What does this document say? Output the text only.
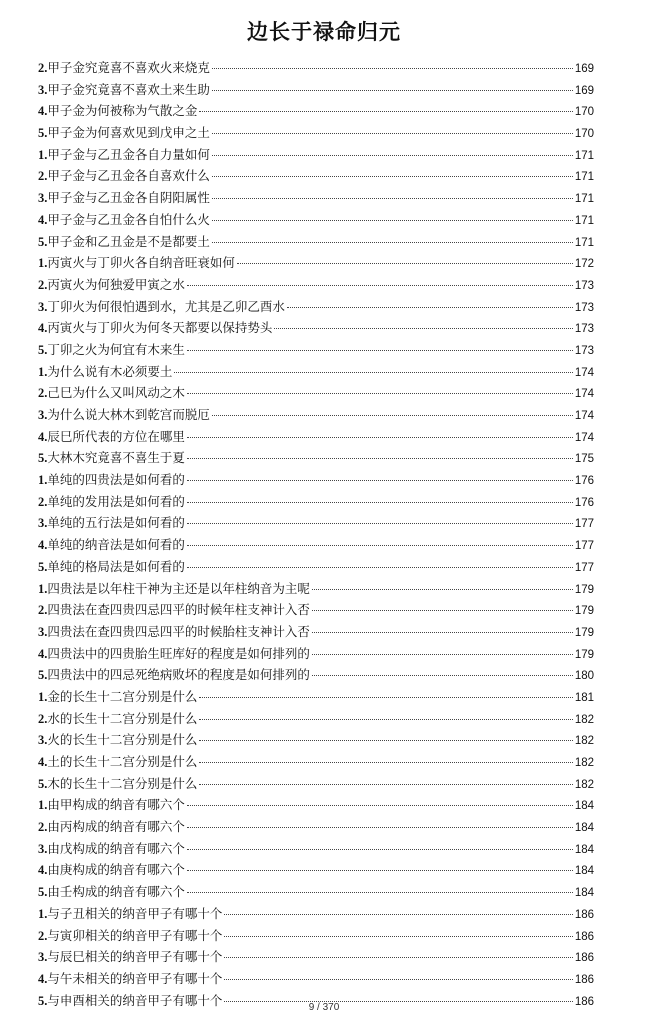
边长于禄命归元
2.甲子金究竟喜不喜欢火来烧克	169
3.甲子金究竟喜不喜欢土来生助	169
4.甲子金为何被称为气散之金	170
5.甲子金为何喜欢见到戊申之土	170
1.甲子金与乙丑金各自力量如何	171
2.甲子金与乙丑金各自喜欢什么	171
3.甲子金与乙丑金各自阴阳属性	171
4.甲子金与乙丑金各自怕什么火	171
5.甲子金和乙丑金是不是都要土	171
1.丙寅火与丁卯火各自纳音旺衰如何	172
2.丙寅火为何独爱甲寅之水	173
3.丁卯火为何很怕遇到水，尤其是乙卯乙酉水	173
4.丙寅火与丁卯火为何冬天都要以保持势头	173
5.丁卯之火为何宜有木来生	173
1.为什么说有木必须要土	174
2.己巳为什么又叫风动之木	174
3.为什么说大林木到乾宫而脱厄	174
4.辰巳所代表的方位在哪里	174
5.大林木究竟喜不喜生于夏	175
1.单纯的四贵法是如何看的	176
2.单纯的发用法是如何看的	176
3.单纯的五行法是如何看的	177
4.单纯的纳音法是如何看的	177
5.单纯的格局法是如何看的	177
1.四贵法是以年柱干神为主还是以年柱纳音为主呢	179
2.四贵法在查四贵四忌四平的时候年柱支神计入否	179
3.四贵法在查四贵四忌四平的时候胎柱支神计入否	179
4.四贵法中的四贵胎生旺库好的程度是如何排列的	179
5.四贵法中的四忌死绝病败坏的程度是如何排列的	180
1.金的长生十二宫分别是什么	181
2.水的长生十二宫分别是什么	182
3.火的长生十二宫分别是什么	182
4.土的长生十二宫分别是什么	182
5.木的长生十二宫分别是什么	182
1.由甲构成的纳音有哪六个	184
2.由丙构成的纳音有哪六个	184
3.由戊构成的纳音有哪六个	184
4.由庚构成的纳音有哪六个	184
5.由壬构成的纳音有哪六个	184
1.与子丑相关的纳音甲子有哪十个	186
2.与寅卯相关的纳音甲子有哪十个	186
3.与辰巳相关的纳音甲子有哪十个	186
4.与午未相关的纳音甲子有哪十个	186
5.与申酉相关的纳音甲子有哪十个	186
9 / 370
